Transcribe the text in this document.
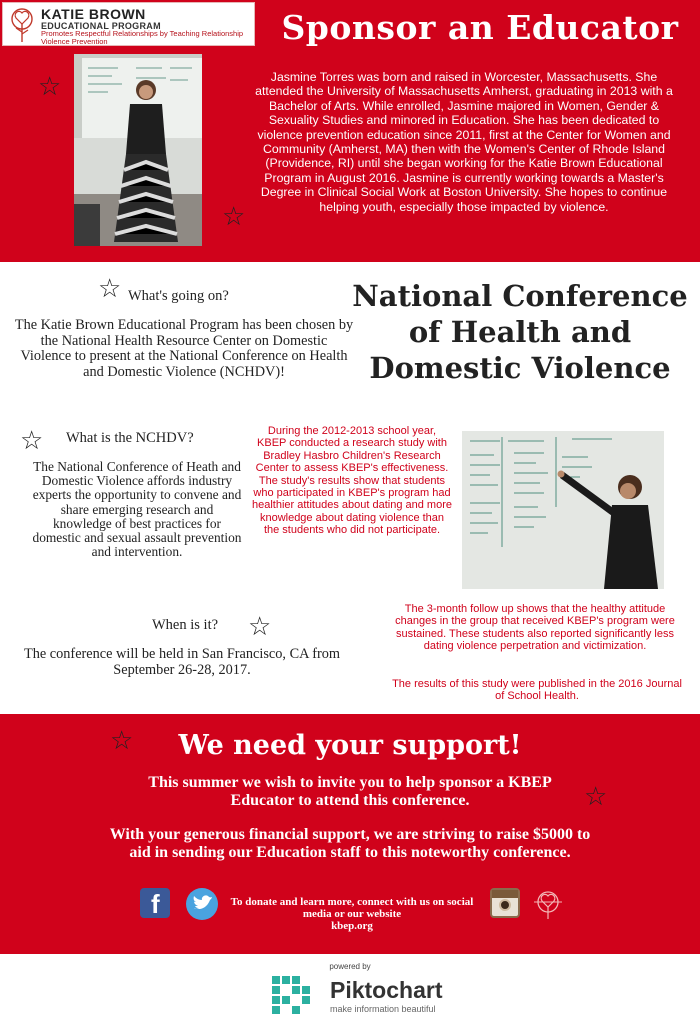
KATIE BROWN
EDUCATIONAL PROGRAM
Promotes Respectful Relationships by Teaching Relationship Violence Prevention	Sponsor an Educator
☆
☆
Jasmine Torres was born and raised in Worcester, Massachusetts. She attended the University of Massachusetts Amherst, graduating in 2013 with a Bachelor of Arts. While enrolled, Jasmine majored in Women, Gender & Sexuality Studies and minored in Education. She has been dedicated to violence prevention education since 2011, first at the Center for Women and Community (Amherst, MA) then with the Women's Center of Rhode Island (Providence, RI) until she began working for the Katie Brown Educational Program in August 2016. Jasmine is currently working towards a Master's Degree in Clinical Social Work at Boston University. She hopes to continue helping youth, especially those impacted by violence.
☆ What's going on?
The Katie Brown Educational Program has been chosen by the National Health Resource Center on Domestic Violence to present at the National Conference on Health and Domestic Violence (NCHDV)!
National Conference of Health and Domestic Violence
☆ What is the NCHDV?
The National Conference of Heath and Domestic Violence affords industry experts the opportunity to convene and share emerging research and knowledge of best practices for domestic and sexual assault prevention and intervention.
When is it? ☆
The conference will be held in San Francisco, CA from September 26-28, 2017.
During the 2012-2013 school year, KBEP conducted a research study with Bradley Hasbro Children's Research Center to assess KBEP's effectiveness. The study's results show that students who participated in KBEP's program had healthier attitudes about dating and more knowledge about dating violence than the students who did not participate.
The 3-month follow up shows that the healthy attitude changes in the group that received KBEP's program were sustained. These students also reported significantly less dating violence perpetration and victimization.
The results of this study were published in the 2016 Journal of School Health.
☆
☆
We need your support!
This summer we wish to invite you to help sponsor a KBEP Educator to attend this conference.
With your generous financial support, we are striving to raise $5000 to aid in sending our Education staff to this noteworthy conference.
f	To donate and learn more, connect with us on social media or our website
kbep.org
powered by
Piktochart
make information beautiful
